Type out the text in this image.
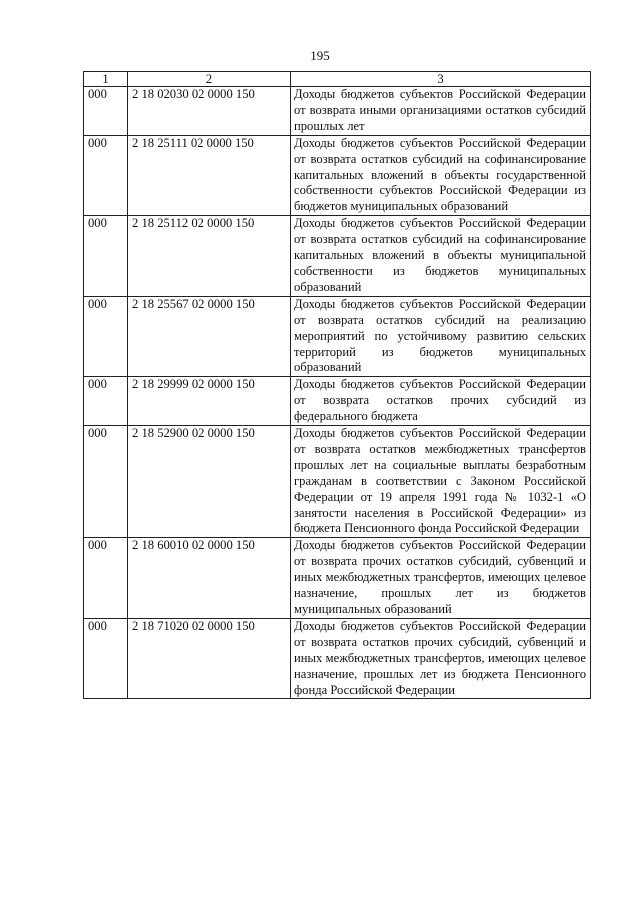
195
1	2	3
000	2 18 02030 02 0000 150	Доходы бюджетов субъектов Российской Федерации от возврата иными организациями остатков субсидий прошлых лет
000	2 18 25111 02 0000 150	Доходы бюджетов субъектов Российской Федерации от возврата остатков субсидий на софинансирование капитальных вложений в объекты государственной собственности субъектов Российской Федерации из бюджетов муниципальных образований
000	2 18 25112 02 0000 150	Доходы бюджетов субъектов Российской Федерации от возврата остатков субсидий на софинансирование капитальных вложений в объекты муниципальной собственности из бюджетов муниципальных образований
000	2 18 25567 02 0000 150	Доходы бюджетов субъектов Российской Федерации от возврата остатков субсидий на реализацию мероприятий по устойчивому развитию сельских территорий из бюджетов муниципальных образований
000	2 18 29999 02 0000 150	Доходы бюджетов субъектов Российской Федерации от возврата остатков прочих субсидий из федерального бюджета
000	2 18 52900 02 0000 150	Доходы бюджетов субъектов Российской Федерации от возврата остатков межбюджетных трансфертов прошлых лет на социальные выплаты безработным гражданам в соответствии с Законом Российской Федерации от 19 апреля 1991 года № 1032-1 «О занятости населения в Российской Федерации» из бюджета Пенсионного фонда Российской Федерации
000	2 18 60010 02 0000 150	Доходы бюджетов субъектов Российской Федерации от возврата прочих остатков субсидий, субвенций и иных межбюджетных трансфертов, имеющих целевое назначение, прошлых лет из бюджетов муниципальных образований
000	2 18 71020 02 0000 150	Доходы бюджетов субъектов Российской Федерации от возврата остатков прочих субсидий, субвенций и иных межбюджетных трансфертов, имеющих целевое назначение, прошлых лет из бюджета Пенсионного фонда Российской Федерации
